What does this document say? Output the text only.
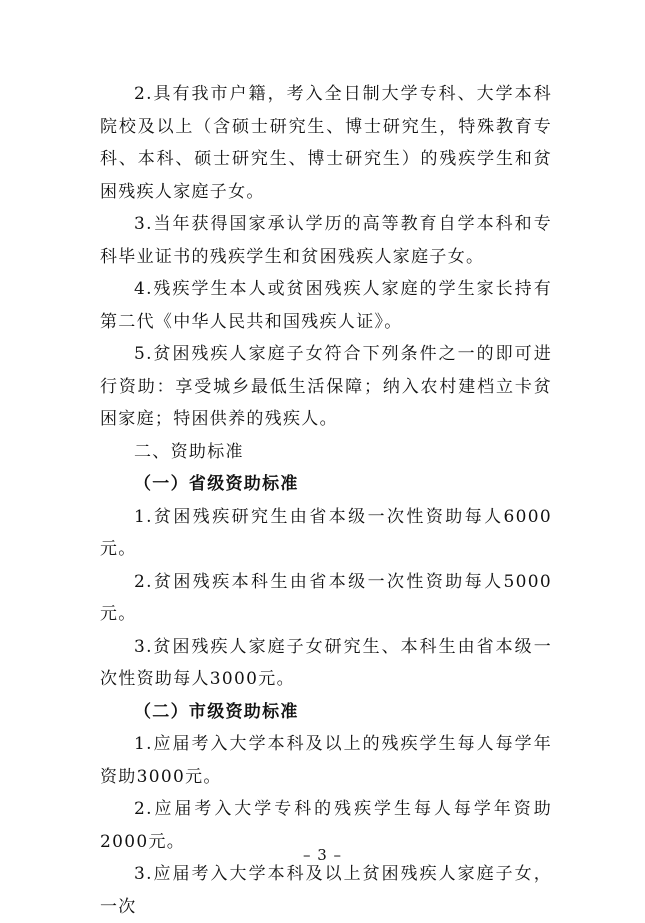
2.具有我市户籍，考入全日制大学专科、大学本科院校及以上（含硕士研究生、博士研究生，特殊教育专科、本科、硕士研究生、博士研究生）的残疾学生和贫困残疾人家庭子女。

3.当年获得国家承认学历的高等教育自学本科和专科毕业证书的残疾学生和贫困残疾人家庭子女。

4.残疾学生本人或贫困残疾人家庭的学生家长持有第二代《中华人民共和国残疾人证》。

5.贫困残疾人家庭子女符合下列条件之一的即可进行资助：享受城乡最低生活保障；纳入农村建档立卡贫困家庭；特困供养的残疾人。

二、资助标准

（一）省级资助标准

1.贫困残疾研究生由省本级一次性资助每人6000元。

2.贫困残疾本科生由省本级一次性资助每人5000元。

3.贫困残疾人家庭子女研究生、本科生由省本级一次性资助每人3000元。

（二）市级资助标准

1.应届考入大学本科及以上的残疾学生每人每学年资助3000元。

2.应届考入大学专科的残疾学生每人每学年资助2000元。

3.应届考入大学本科及以上贫困残疾人家庭子女，一次

– 3 –
